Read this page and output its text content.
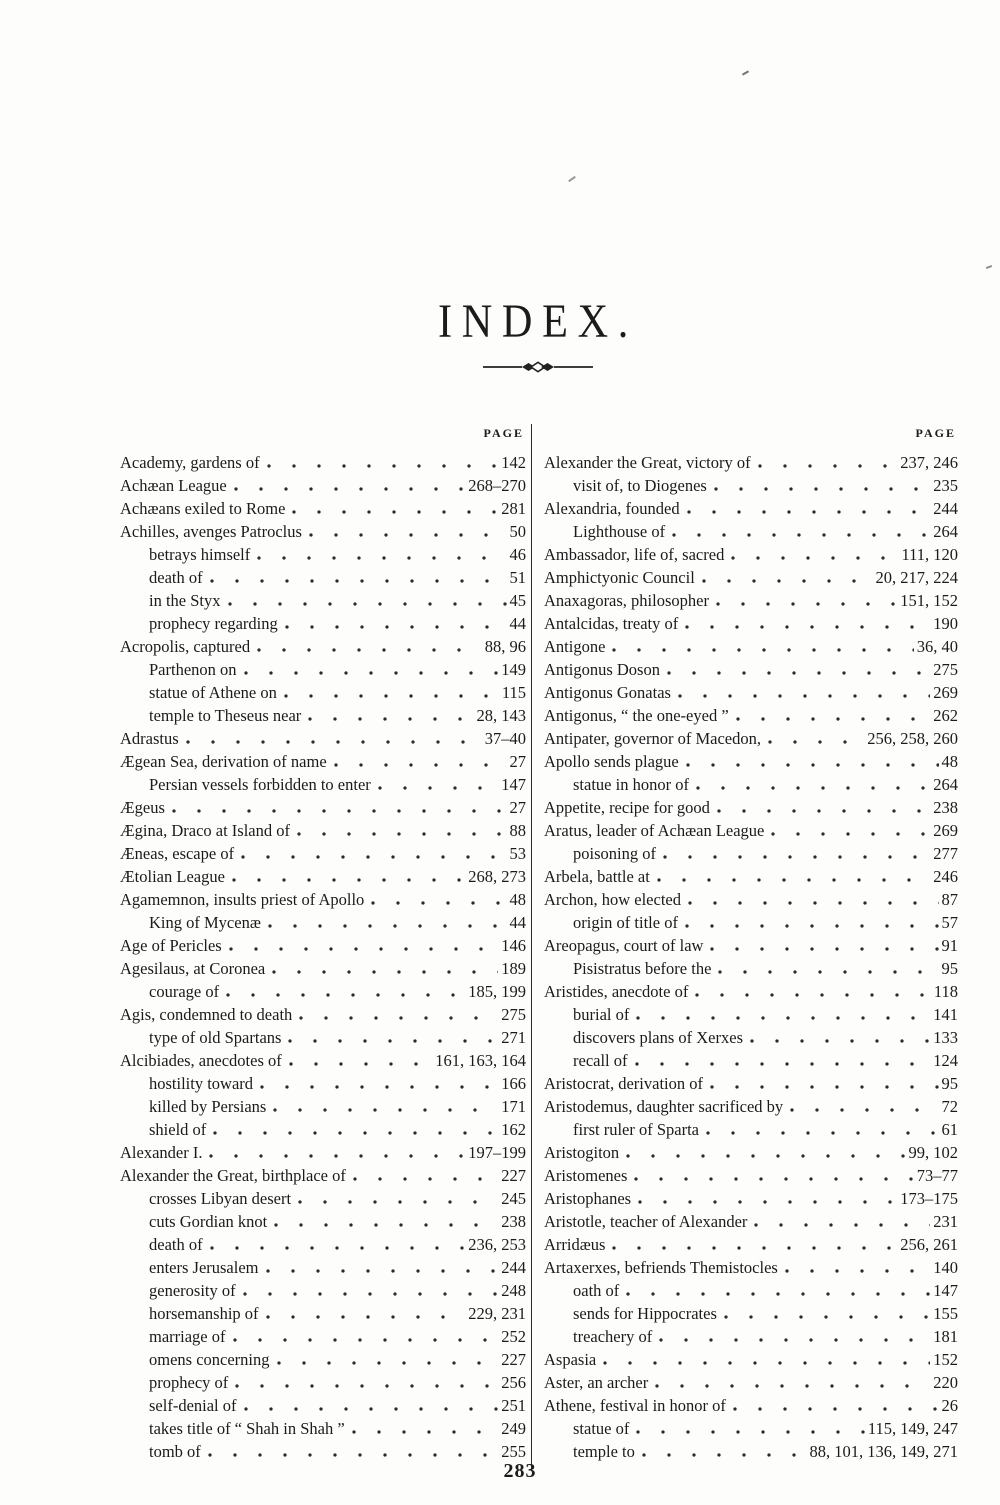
INDEX.
PAGE
Academy, gardens of	142
Achæan League	268–270
Achæans exiled to Rome	281
Achilles, avenges Patroclus	50
betrays himself	46
death of	51
in the Styx	45
prophecy regarding	44
Acropolis, captured	88, 96
Parthenon on	149
statue of Athene on	115
temple to Theseus near	28, 143
Adrastus	37–40
Ægean Sea, derivation of name	27
Persian vessels forbidden to enter	147
Ægeus	27
Ægina, Draco at Island of	88
Æneas, escape of	53
Ætolian League	268, 273
Agamemnon, insults priest of Apollo	48
King of Mycenæ	44
Age of Pericles	146
Agesilaus, at Coronea	189
courage of	185, 199
Agis, condemned to death	275
type of old Spartans	271
Alcibiades, anecdotes of	161, 163, 164
hostility toward	166
killed by Persians	171
shield of	162
Alexander I.	197–199
Alexander the Great, birthplace of	227
crosses Libyan desert	245
cuts Gordian knot	238
death of	236, 253
enters Jerusalem	244
generosity of	248
horsemanship of	229, 231
marriage of	252
omens concerning	227
prophecy of	256
self-denial of	251
takes title of “ Shah in Shah ”	249
tomb of	255
PAGE
Alexander the Great, victory of	237, 246
visit of, to Diogenes	235
Alexandria, founded	244
Lighthouse of	264
Ambassador, life of, sacred	111, 120
Amphictyonic Council	20, 217, 224
Anaxagoras, philosopher	151, 152
Antalcidas, treaty of	190
Antigone	36, 40
Antigonus Doson	275
Antigonus Gonatas	269
Antigonus, “ the one-eyed ”	262
Antipater, governor of Macedon,	256, 258, 260
Apollo sends plague	48
statue in honor of	264
Appetite, recipe for good	238
Aratus, leader of Achæan League	269
poisoning of	277
Arbela, battle at	246
Archon, how elected	87
origin of title of	57
Areopagus, court of law	91
Pisistratus before the	95
Aristides, anecdote of	118
burial of	141
discovers plans of Xerxes	133
recall of	124
Aristocrat, derivation of	95
Aristodemus, daughter sacrificed by	72
first ruler of Sparta	61
Aristogiton	99, 102
Aristomenes	73–77
Aristophanes	173–175
Aristotle, teacher of Alexander	231
Arridæus	256, 261
Artaxerxes, befriends Themistocles	140
oath of	147
sends for Hippocrates	155
treachery of	181
Aspasia	152
Aster, an archer	220
Athene, festival in honor of	26
statue of	115, 149, 247
temple to	88, 101, 136, 149, 271
283
